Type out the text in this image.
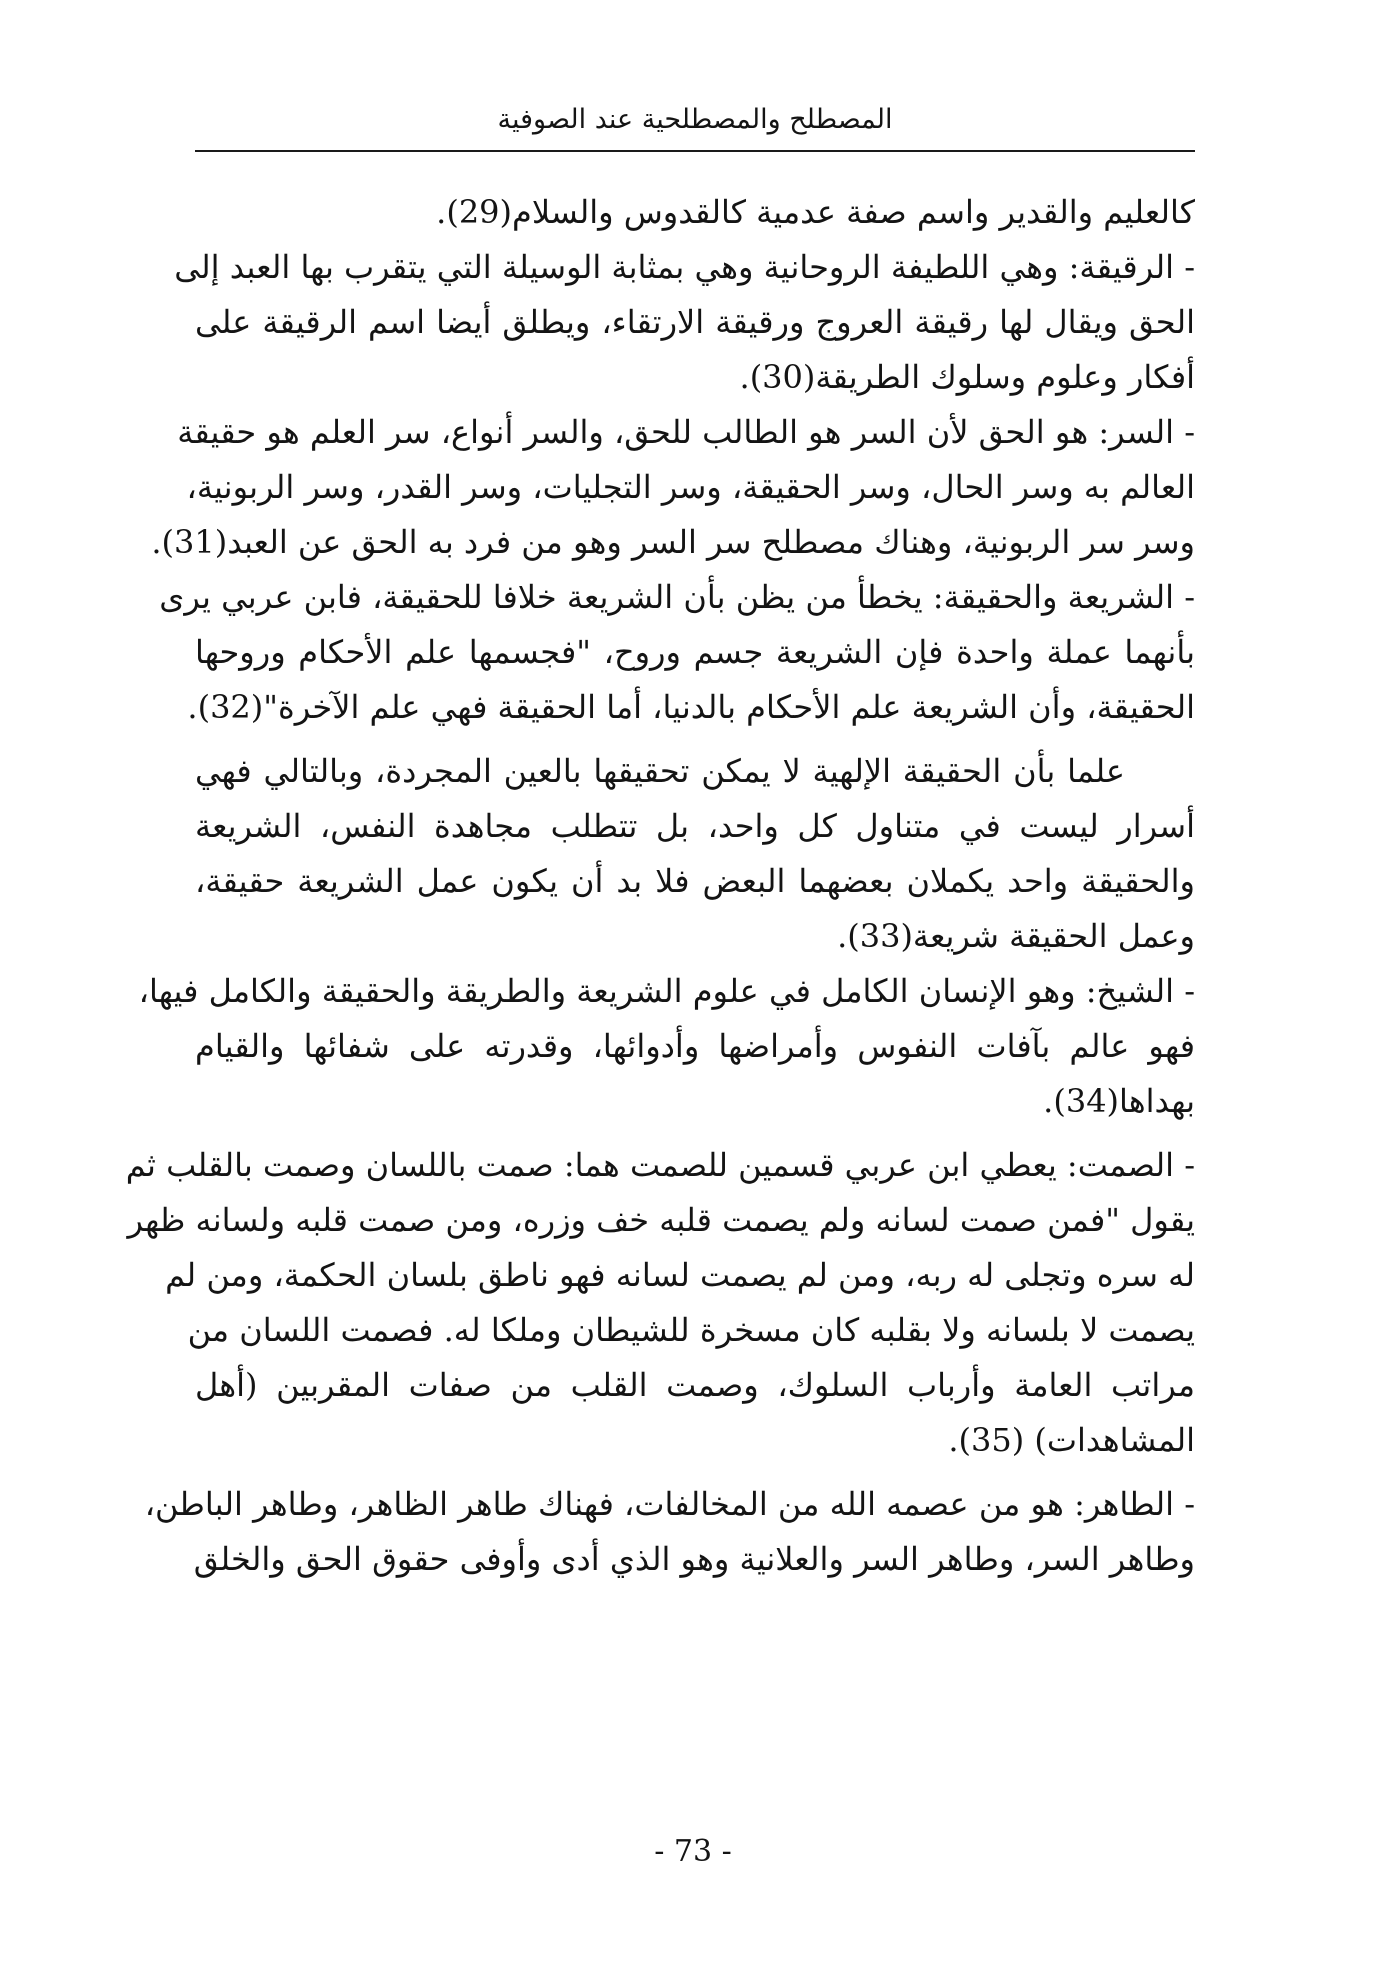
المصطلح والمصطلحية عند الصوفية
كالعليم والقدير واسم صفة عدمية كالقدوس والسلام(29).
- الرقيقة: وهي اللطيفة الروحانية وهي بمثابة الوسيلة التي يتقرب بها العبد إلى
الحق ويقال لها رقيقة العروج ورقيقة الارتقاء، ويطلق أيضا اسم الرقيقة على
أفكار وعلوم وسلوك الطريقة(30).
- السر: هو الحق لأن السر هو الطالب للحق، والسر أنواع، سر العلم هو حقيقة
العالم به وسر الحال، وسر الحقيقة، وسر التجليات، وسر القدر، وسر الربونية،
وسر سر الربونية، وهناك مصطلح سر السر وهو من فرد به الحق عن العبد(31).
- الشريعة والحقيقة: يخطأ من يظن بأن الشريعة خلافا للحقيقة، فابن عربي يرى
بأنهما عملة واحدة فإن الشريعة جسم وروح، "فجسمها علم الأحكام وروحها
الحقيقة، وأن الشريعة علم الأحكام بالدنيا، أما الحقيقة فهي علم الآخرة"(32).
علما بأن الحقيقة الإلهية لا يمكن تحقيقها بالعين المجردة، وبالتالي فهي
أسرار ليست في متناول كل واحد، بل تتطلب مجاهدة النفس، الشريعة
والحقيقة واحد يكملان بعضهما البعض فلا بد أن يكون عمل الشريعة حقيقة،
وعمل الحقيقة شريعة(33).
- الشيخ: وهو الإنسان الكامل في علوم الشريعة والطريقة والحقيقة والكامل فيها،
فهو عالم بآفات النفوس وأمراضها وأدوائها، وقدرته على شفائها والقيام
بهداها(34).
- الصمت: يعطي ابن عربي قسمين للصمت هما: صمت باللسان وصمت بالقلب ثم
يقول "فمن صمت لسانه ولم يصمت قلبه خف وزره، ومن صمت قلبه ولسانه ظهر
له سره وتجلى له ربه، ومن لم يصمت لسانه فهو ناطق بلسان الحكمة، ومن لم
يصمت لا بلسانه ولا بقلبه كان مسخرة للشيطان وملكا له. فصمت اللسان من
مراتب العامة وأرباب السلوك، وصمت القلب من صفات المقربين (أهل
المشاهدات) (35).
- الطاهر: هو من عصمه الله من المخالفات، فهناك طاهر الظاهر، وطاهر الباطن،
وطاهر السر، وطاهر السر والعلانية وهو الذي أدى وأوفى حقوق الحق والخلق
- 73 -
